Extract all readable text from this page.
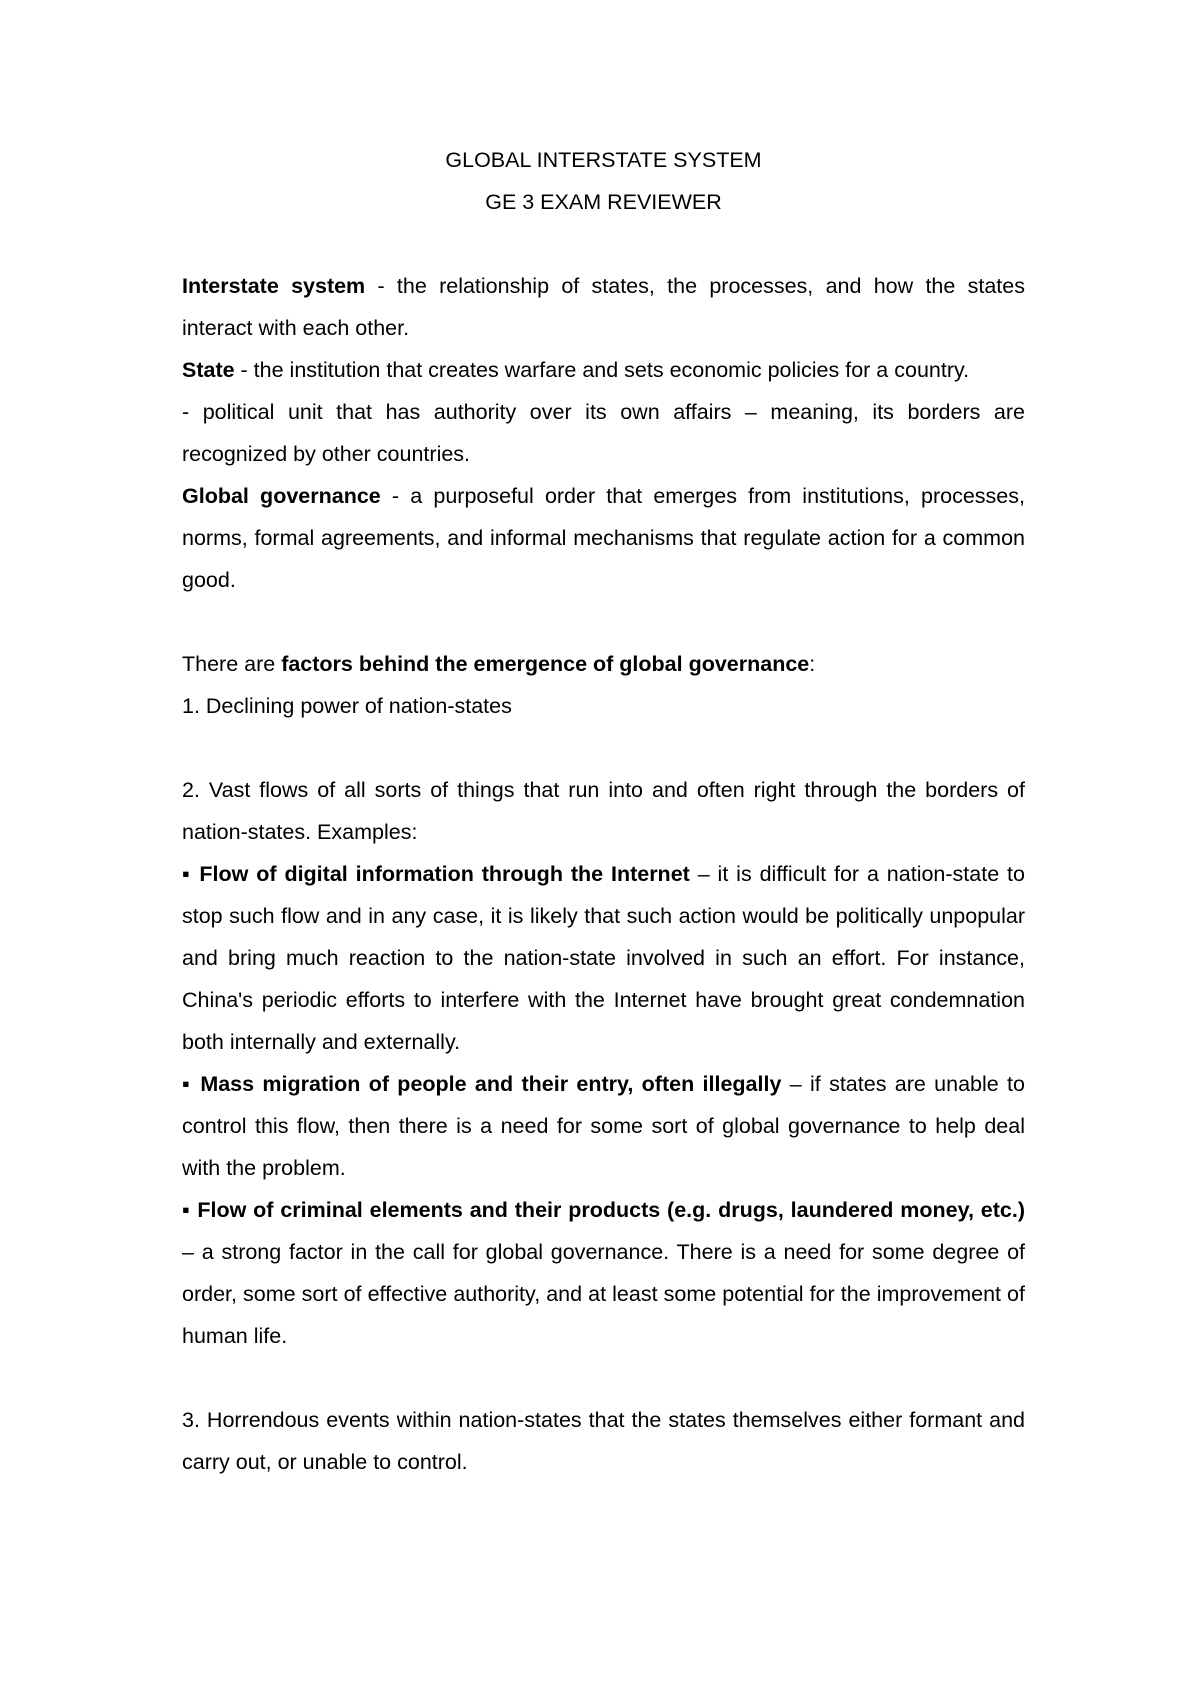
GLOBAL INTERSTATE SYSTEM
GE 3 EXAM REVIEWER

Interstate system - the relationship of states, the processes, and how the states interact with each other.

State - the institution that creates warfare and sets economic policies for a country.

- political unit that has authority over its own affairs – meaning, its borders are recognized by other countries.

Global governance - a purposeful order that emerges from institutions, processes, norms, formal agreements, and informal mechanisms that regulate action for a common good.

There are factors behind the emergence of global governance:

1. Declining power of nation-states

2. Vast flows of all sorts of things that run into and often right through the borders of nation-states. Examples:

▪ Flow of digital information through the Internet – it is difficult for a nation-state to stop such flow and in any case, it is likely that such action would be politically unpopular and bring much reaction to the nation-state involved in such an effort. For instance, China's periodic efforts to interfere with the Internet have brought great condemnation both internally and externally.

▪ Mass migration of people and their entry, often illegally – if states are unable to control this flow, then there is a need for some sort of global governance to help deal with the problem.

▪ Flow of criminal elements and their products (e.g. drugs, laundered money, etc.) – a strong factor in the call for global governance. There is a need for some degree of order, some sort of effective authority, and at least some potential for the improvement of human life.

3. Horrendous events within nation-states that the states themselves either formant and carry out, or unable to control.
